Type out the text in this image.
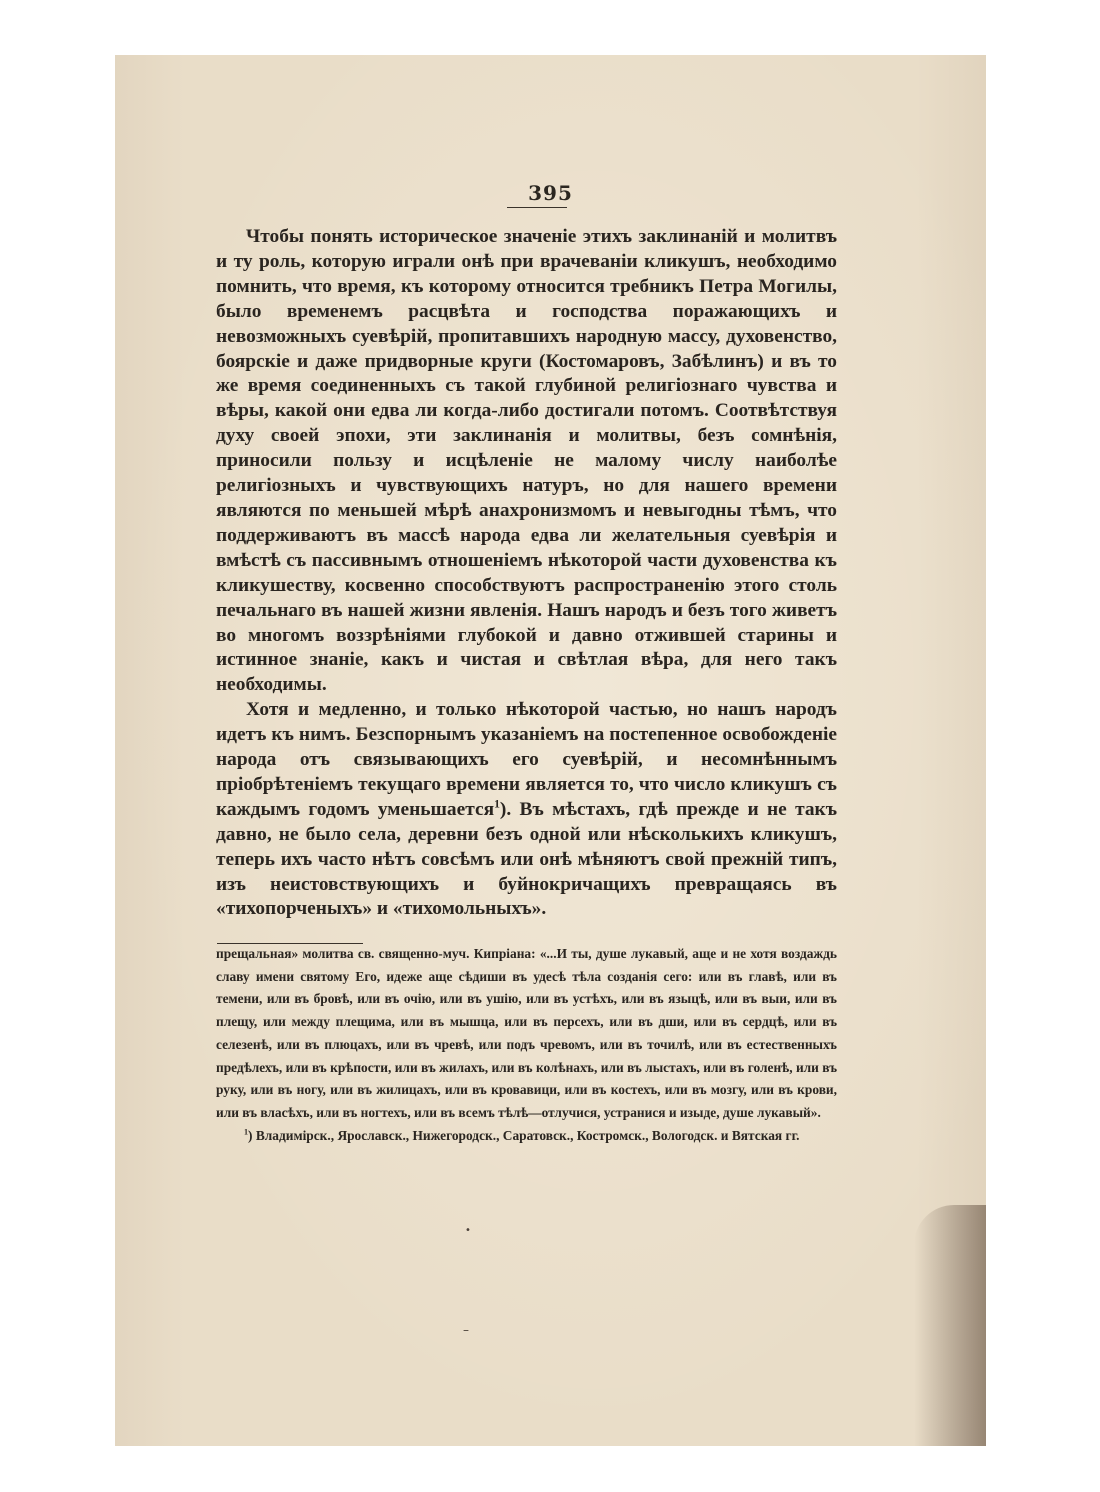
395

Чтобы понять историческое значеніе этихъ заклинаній и молитвъ и ту роль, которую играли онѣ при врачеваніи кликушъ, необходимо помнить, что время, къ которому относится требникъ Петра Могилы, было временемъ расцвѣта и господства поражающихъ и невозможныхъ суевѣрій, пропитавшихъ народную массу, духовенство, боярскіе и даже придворные круги (Костомаровъ, Забѣлинъ) и въ то же время соединенныхъ съ такой глубиной религіознаго чувства и вѣры, какой они едва ли когда-либо достигали потомъ. Соотвѣтствуя духу своей эпохи, эти заклинанія и молитвы, безъ сомнѣнія, приносили пользу и исцѣленіе не малому числу наиболѣе религіозныхъ и чувствующихъ натуръ, но для нашего времени являются по меньшей мѣрѣ анахронизмомъ и невыгодны тѣмъ, что поддерживаютъ въ массѣ народа едва ли желательныя суевѣрія и вмѣстѣ съ пассивнымъ отношеніемъ нѣкоторой части духовенства къ кликушеству, косвенно способствуютъ распространенію этого столь печальнаго въ нашей жизни явленія. Нашъ народъ и безъ того живетъ во многомъ воззрѣніями глубокой и давно отжившей старины и истинное знаніе, какъ и чистая и свѣтлая вѣра, для него такъ необходимы.

Хотя и медленно, и только нѣкоторой частью, но нашъ народъ идетъ къ нимъ. Безспорнымъ указаніемъ на постепенное освобожденіе народа отъ связывающихъ его суевѣрій, и несомнѣннымъ пріобрѣтеніемъ текущаго времени является то, что число кликушъ съ каждымъ годомъ уменьшается$^1$). Въ мѣстахъ, гдѣ прежде и не такъ давно, не было села, деревни безъ одной или нѣсколькихъ кликушъ, теперь ихъ часто нѣтъ совсѣмъ или онѣ мѣняютъ свой прежній типъ, изъ неистовствующихъ и буйнокричащихъ превращаясь въ «тихопорченыхъ» и «тихомольныхъ».

прещальная» молитва св. священно-муч. Кипріана: «...И ты, душе лукавый, аще и не хотя воздаждь славу имени святому Его, идеже аще сѣдиши въ удесѣ тѣла созданія сего: или въ главѣ, или въ темени, или въ бровѣ, или въ очію, или въ ушію, или въ устѣхъ, или въ языцѣ, или въ выи, или въ плещу, или между плещима, или въ мышца, или въ персехъ, или въ дши, или въ сердцѣ, или въ селезенѣ, или въ плюцахъ, или въ чревѣ, или подъ чревомъ, или въ точилѣ, или въ естественныхъ предѣлехъ, или въ крѣпости, или въ жилахъ, или въ колѣнахъ, или въ лыстахъ, или въ голенѣ, или въ руку, или въ ногу, или въ жилицахъ, или въ кровавици, или въ костехъ, или въ мозгу, или въ крови, или въ власѣхъ, или въ ногтехъ, или въ всемъ тѣлѣ—отлучися, устранися и изыде, душе лукавый».

$^1$) Владимірск., Ярославск., Нижегородск., Саратовск., Костромск., Вологодск. и Вятская гг.

•
–
